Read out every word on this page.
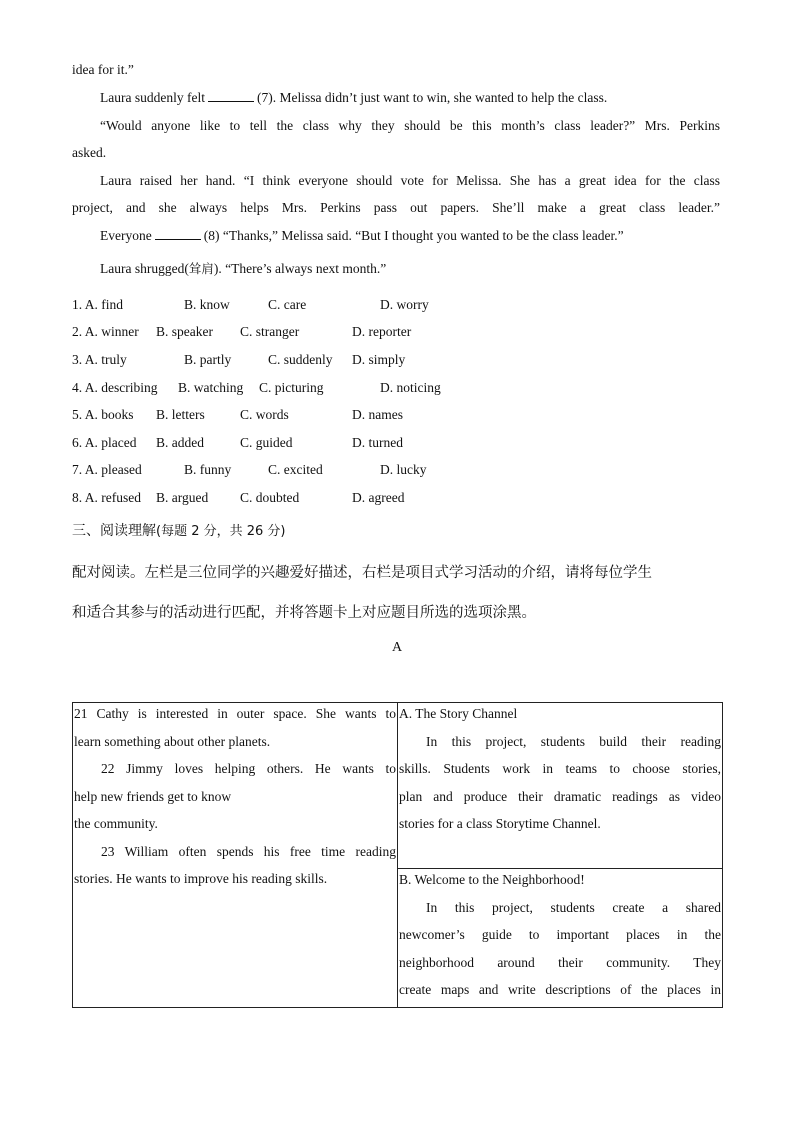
idea for it.”
Laura suddenly felt	(7). Melissa didn’t just want to win, she wanted to help the class.
“Would anyone like to tell the class why they should be this month’s class leader?” Mrs. Perkins
asked.
Laura raised her hand. “I think everyone should vote for Melissa. She has a great idea for the class
project, and she always helps Mrs. Perkins pass out papers. She’ll make a great class leader.”
Everyone	(8) “Thanks,” Melissa said. “But I thought you wanted to be the class leader.”
Laura shrugged(耸肩). “There’s always next month.”
1. A. find	B. know	C. care	D. worry
2. A. winner B. speaker C. stranger	D. reporter
3. A. truly	B. partly	C. suddenly D. simply
4. A. describing B. watching C. picturing	D. noticing
5. A. books B. letters	C. words	D. names
6. A. placed B. added	C. guided	D. turned
7. A. pleased	B. funny	C. excited	D. lucky
8. A. refused B. argued C. doubted	D. agreed
三、阅读理解(每题 2 分，共 26 分)
配对阅读。左栏是三位同学的兴趣爱好描述，右栏是项目式学习活动的介绍，请将每位学生
和适合其参与的活动进行匹配，并将答题卡上对应题目所选的选项涂黑。
A
21 Cathy is interested in outer space. She wants to
learn something about other planets.
22 Jimmy loves helping others. He wants to
help new friends get to know
the community.
23 William often spends his free time reading
stories. He wants to improve his reading skills.

A. The Story Channel
In this project, students build their reading
skills. Students work in teams to choose stories,
plan and produce their dramatic readings as video
stories for a class Storytime Channel.

B. Welcome to the Neighborhood!
In this project, students create a shared
newcomer’s guide to important places in the
neighborhood around their community. They
create maps and write descriptions of the places in
